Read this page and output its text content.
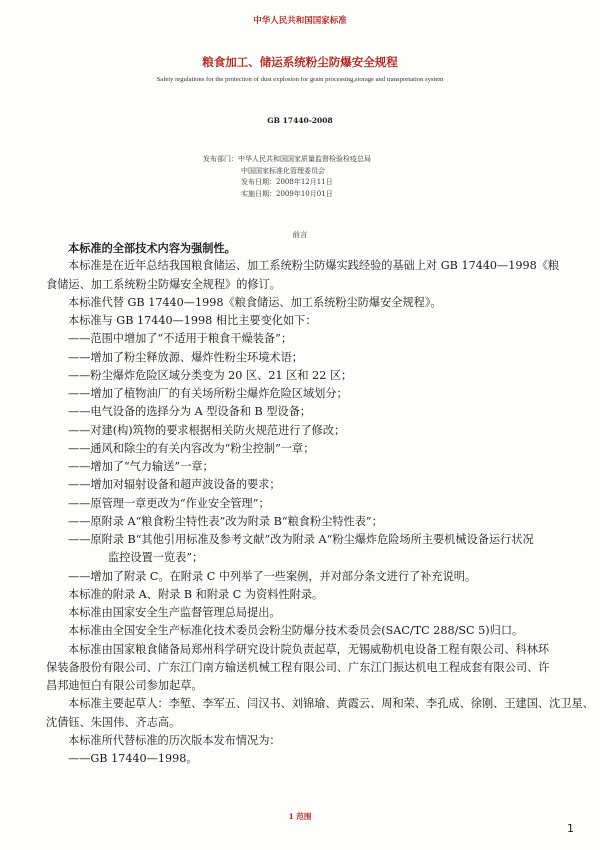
中华人民共和国国家标准
粮食加工、储运系统粉尘防爆安全规程
Safety regulations for the protection of dust explosion for grain processing,storage and transportation system
GB 17440-2008
发布部门：中华人民共和国国家质量监督检验检疫总局
中国国家标准化管理委员会
发布日期：2008年12月11日
实施日期：2009年10月01日
前言
本标准的全部技术内容为强制性。
本标准是在近年总结我国粮食储运、加工系统粉尘防爆实践经验的基础上对 GB 17440—1998《粮
食储运、加工系统粉尘防爆安全规程》的修订。
本标准代替 GB 17440—1998《粮食储运、加工系统粉尘防爆安全规程》。
本标准与 GB 17440—1998 相比主要变化如下：
——范围中增加了“不适用于粮食干燥装备”；
——增加了粉尘释放源、爆炸性粉尘环境术语；
——粉尘爆炸危险区域分类变为 20 区、21 区和 22 区；
——增加了植物油厂的有关场所粉尘爆炸危险区域划分；
——电气设备的选择分为 A 型设备和 B 型设备；
——对建(构)筑物的要求根据相关防火规范进行了修改；
——通风和除尘的有关内容改为“粉尘控制”一章；
——增加了“气力输送”一章；
——增加对辐射设备和超声波设备的要求；
——原管理一章更改为“作业安全管理”；
——原附录 A“粮食粉尘特性表”改为附录 B“粮食粉尘特性表”；
——原附录 B“其他引用标准及参考文献”改为附录 A“粉尘爆炸危险场所主要机械设备运行状况
监控设置一览表”；
——增加了附录 C。在附录 C 中列举了一些案例，并对部分条文进行了补充说明。
本标准的附录 A、附录 B 和附录 C 为资料性附录。
本标准由国家安全生产监督管理总局提出。
本标准由全国安全生产标准化技术委员会粉尘防爆分技术委员会(SAC/TC 288/SC 5)归口。
本标准由国家粮食储备局郑州科学研究设计院负责起草，无锡威勒机电设备工程有限公司、科林环
保装备股份有限公司、广东江门南方输送机械工程有限公司、广东江门振达机电工程成套有限公司、许
昌邦迪恒白有限公司参加起草。
本标准主要起草人：李堑、李军五、闫汉书、刘锦瑜、黄霞云、周和荣、李孔成、徐刚、王建国、沈卫星、
沈倩钰、朱国伟、齐志高。
本标准所代替标准的历次版本发布情况为：
——GB 17440—1998。
1 范围
1
